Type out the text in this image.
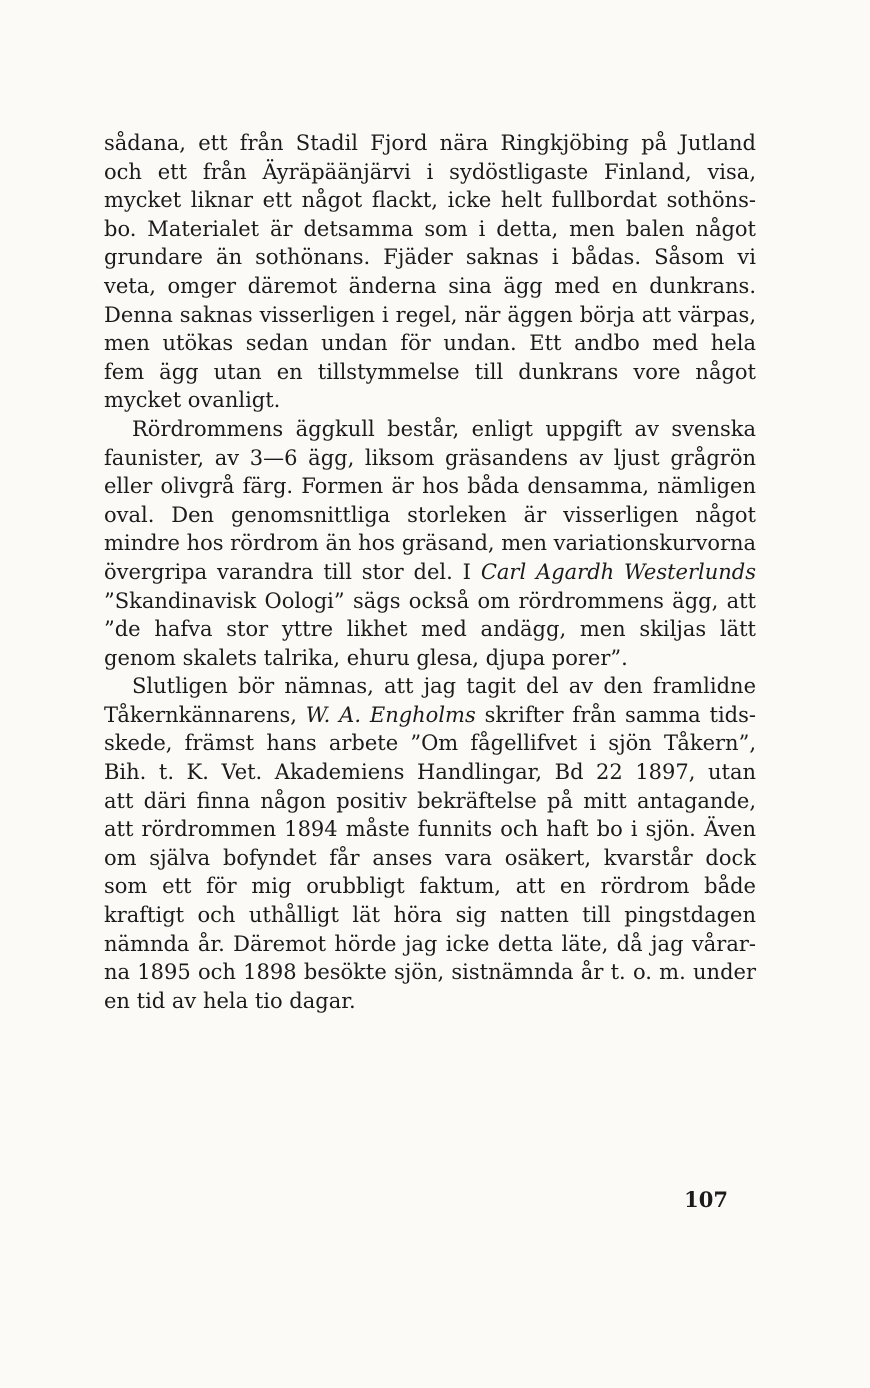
sådana, ett från Stadil Fjord nära Ringkjöbing på Jutland
och ett från Äyräpäänjärvi i sydöstligaste Finland, visa,
mycket liknar ett något flackt, icke helt fullbordat sothöns-
bo. Materialet är detsamma som i detta, men balen något
grundare än sothönans. Fjäder saknas i bådas. Såsom vi
veta, omger däremot änderna sina ägg med en dunkrans.
Denna saknas visserligen i regel, när äggen börja att värpas,
men utökas sedan undan för undan. Ett andbo med hela
fem ägg utan en tillstymmelse till dunkrans vore något
mycket ovanligt.
Rördrommens äggkull består, enligt uppgift av svenska
faunister, av 3—6 ägg, liksom gräsandens av ljust grågrön
eller olivgrå färg. Formen är hos båda densamma, nämligen
oval. Den genomsnittliga storleken är visserligen något
mindre hos rördrom än hos gräsand, men variationskurvorna
övergripa varandra till stor del. I Carl Agardh Westerlunds
”Skandinavisk Oologi” sägs också om rördrommens ägg, att
”de hafva stor yttre likhet med andägg, men skiljas lätt
genom skalets talrika, ehuru glesa, djupa porer”.
Slutligen bör nämnas, att jag tagit del av den framlidne
Tåkernkännarens, W. A. Engholms skrifter från samma tids-
skede, främst hans arbete ”Om fågellifvet i sjön Tåkern”,
Bih. t. K. Vet. Akademiens Handlingar, Bd 22 1897, utan
att däri finna någon positiv bekräftelse på mitt antagande,
att rördrommen 1894 måste funnits och haft bo i sjön. Även
om själva bofyndet får anses vara osäkert, kvarstår dock
som ett för mig orubbligt faktum, att en rördrom både
kraftigt och uthålligt lät höra sig natten till pingstdagen
nämnda år. Däremot hörde jag icke detta läte, då jag vårar-
na 1895 och 1898 besökte sjön, sistnämnda år t. o. m. under
en tid av hela tio dagar.
107
